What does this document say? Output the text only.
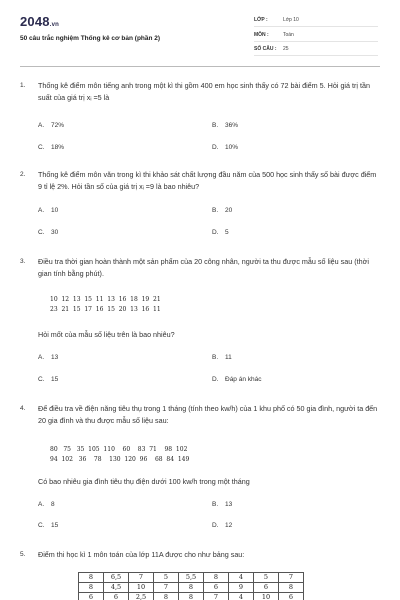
2048.vn
50 câu trắc nghiệm Thống kê cơ bản (phần 2)
LỚP :	Lớp 10
MÔN :	Toán
SỐ CÂU : 25
1. Thống kê điểm môn tiếng anh trong một kì thi gồm 400 em học sinh thấy có 72 bài điểm 5. Hỏi giá trị tần suất của giá trị xᵢ =5 là
A. 72%	B. 36%
C. 18%	D. 10%
2. Thống kê điểm môn văn trong kì thi khảo sát chất lượng đầu năm của 500 học sinh thấy số bài được điểm 9 tỉ lệ 2%. Hỏi tần số của giá trị xᵢ =9 là bao nhiêu?
A. 10	B. 20
C. 30	D. 5
3. Điều tra thời gian hoàn thành một sản phẩm của 20 công nhân, người ta thu được mẫu số liệu sau (thời gian tính bằng phút).
10  12  13  15  11  13  16  18  19  21
23  21  15  17  16  15  20  13  16  11
Hỏi mốt của mẫu số liệu trên là bao nhiêu?
A. 13	B. 11
C. 15	D. Đáp án khác
4. Để điều tra về điện năng tiêu thụ trong 1 tháng (tính theo kw/h) của 1 khu phố có 50 gia đình, người ta đến 20 gia đình và thu được mẫu số liệu sau:
80   75   35  105  110    60    83  71    98  102
94  102   36    78    130  120  96    68  84  149
Có bao nhiêu gia đình tiêu thụ điện dưới 100 kw/h trong một tháng
A. 8	B. 13
C. 15	D. 12
5. Điểm thi học kì 1 môn toán của lớp 11A được cho như bảng sau:
8	6,5	7	5	5,5	8	4	5	7
8	4,5	10	7	8	6	9	6	8
6	6	2,5	8	8	7	4	10	6
